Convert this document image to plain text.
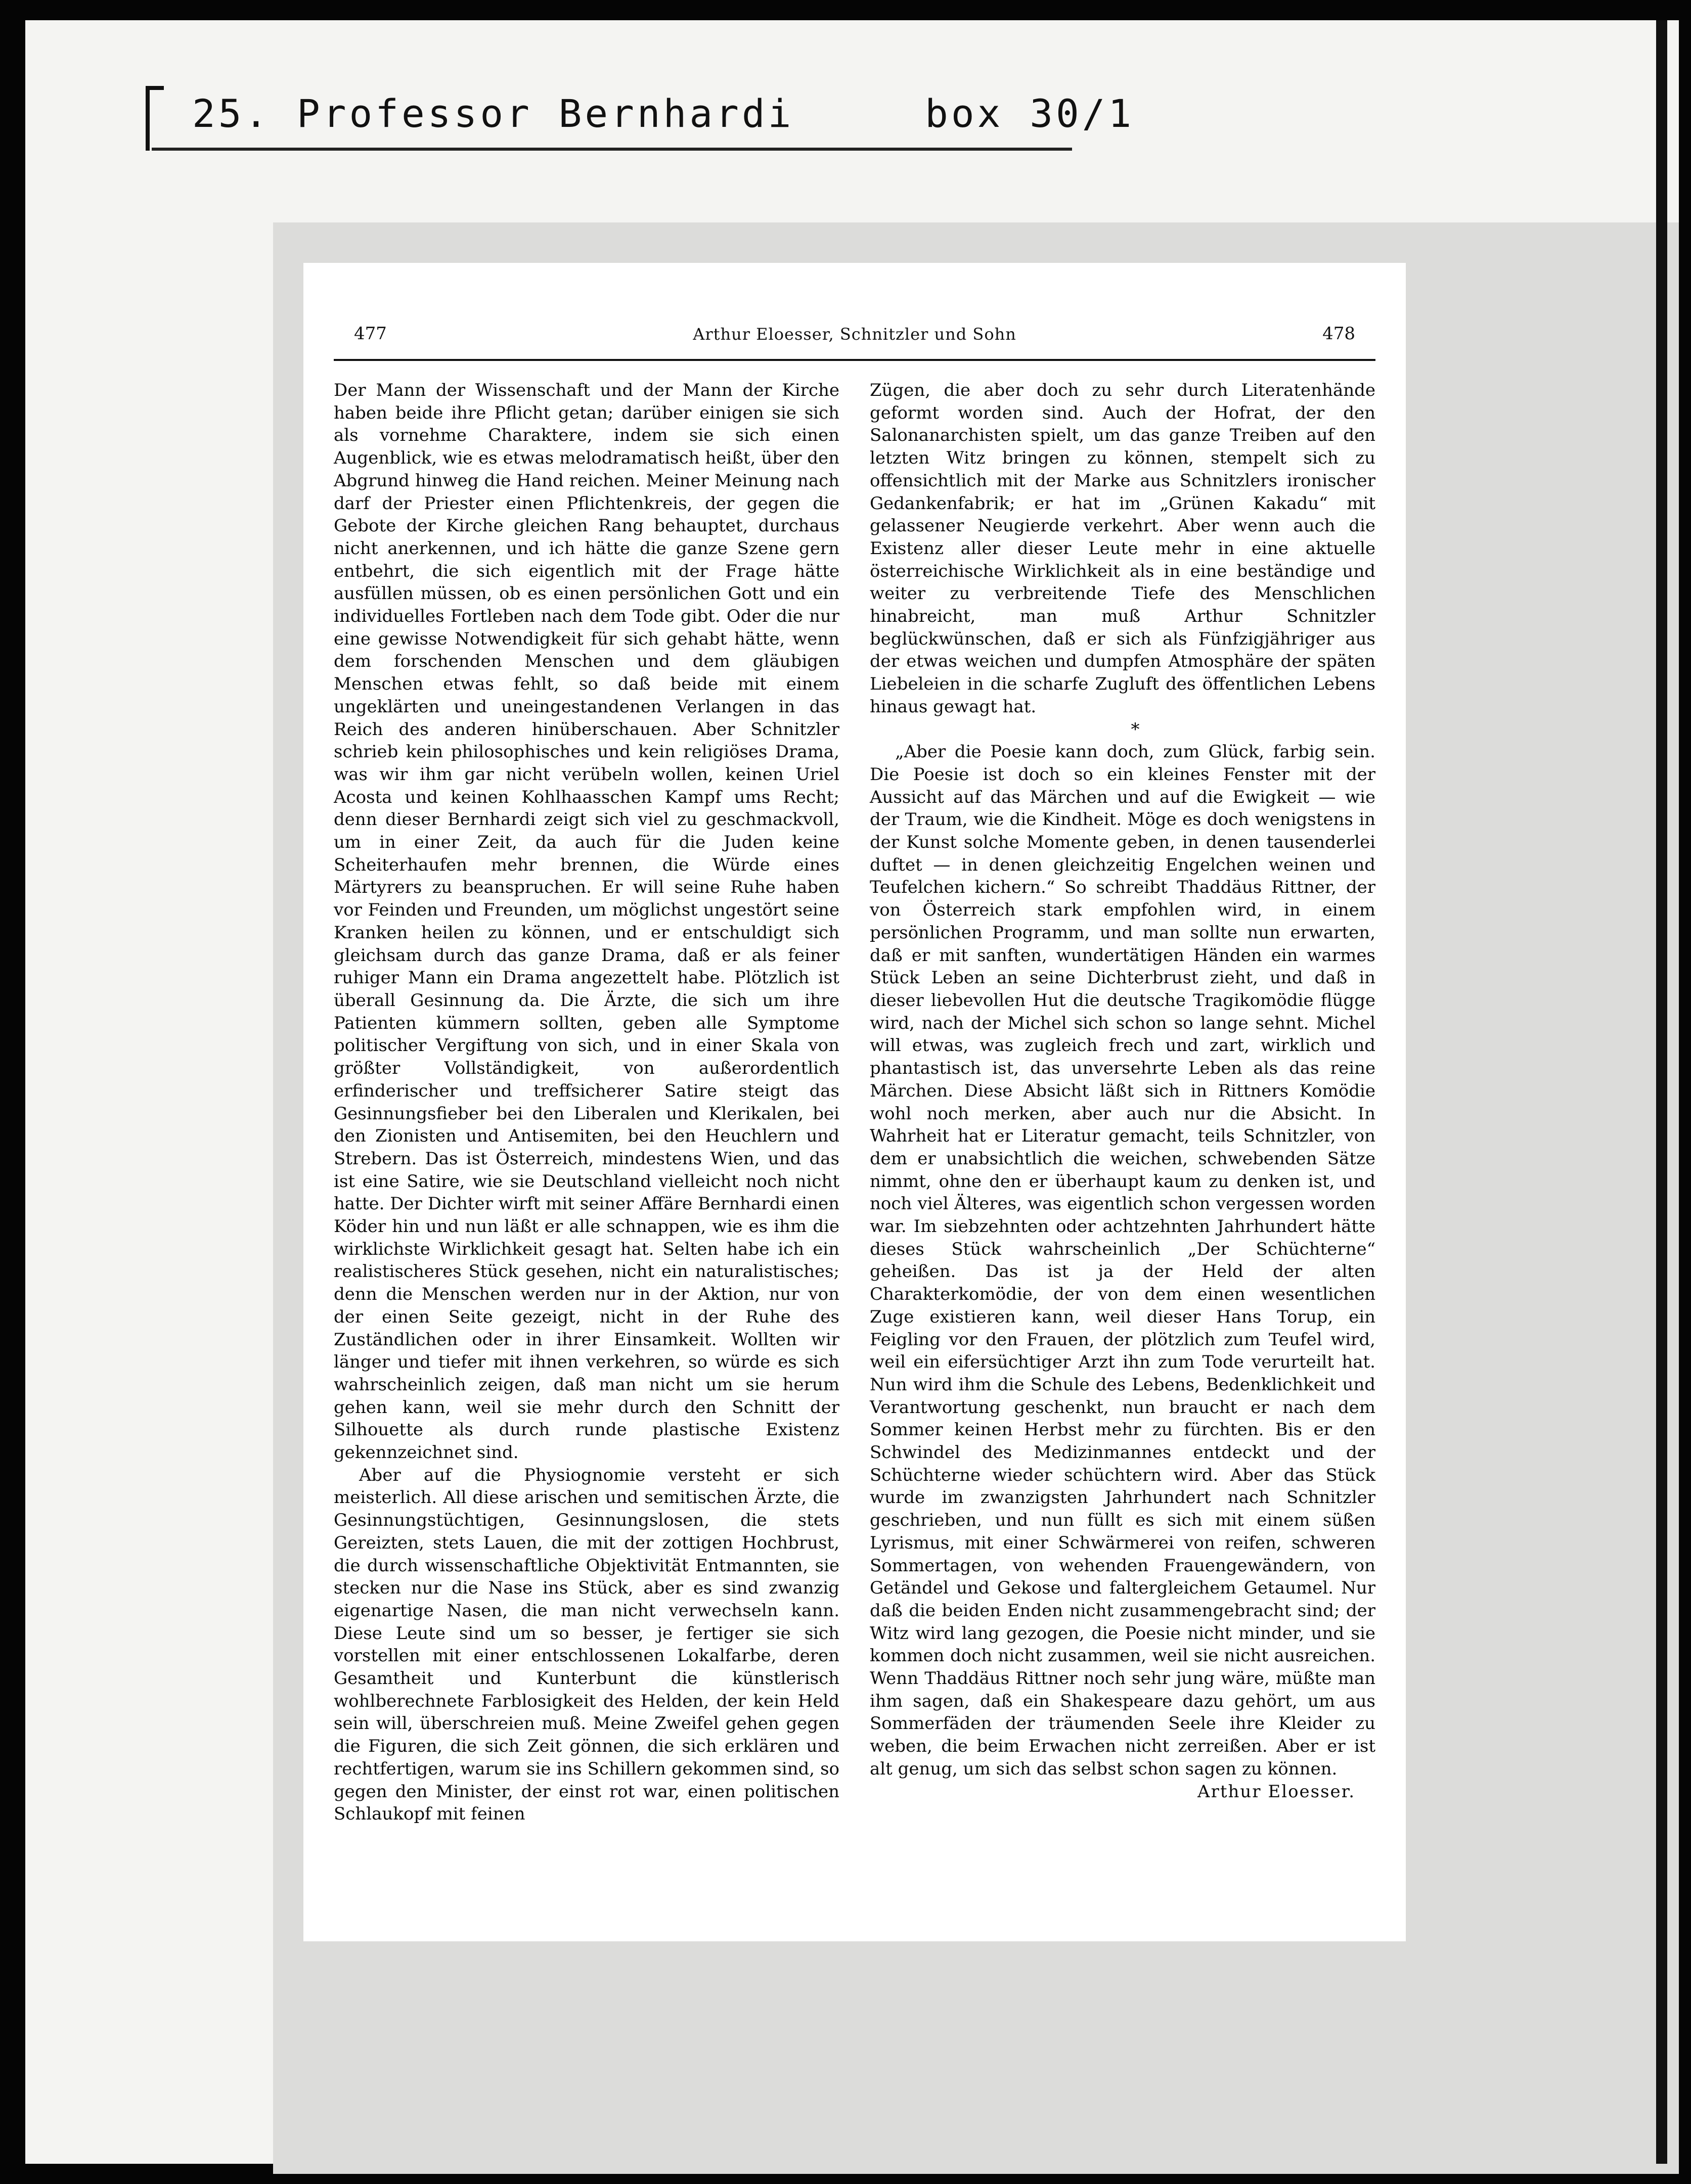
25. Professor Bernhardi     box 30/1
477	Arthur Eloesser, Schnitzler und Sohn	478

Der Mann der Wissenschaft und der Mann der Kirche haben beide ihre Pflicht getan; darüber einigen sie sich als vornehme Charaktere, indem sie sich einen Augenblick, wie es etwas melodramatisch heißt, über den Abgrund hinweg die Hand reichen. Meiner Meinung nach darf der Priester einen Pflichtenkreis, der gegen die Gebote der Kirche gleichen Rang behauptet, durchaus nicht anerkennen, und ich hätte die ganze Szene gern entbehrt, die sich eigentlich mit der Frage hätte ausfüllen müssen, ob es einen persönlichen Gott und ein individuelles Fortleben nach dem Tode gibt. Oder die nur eine gewisse Notwendigkeit für sich gehabt hätte, wenn dem forschenden Menschen und dem gläubigen Menschen etwas fehlt, so daß beide mit einem ungeklärten und uneingestandenen Verlangen in das Reich des anderen hinüberschauen. Aber Schnitzler schrieb kein philosophisches und kein religiöses Drama, was wir ihm gar nicht verübeln wollen, keinen Uriel Acosta und keinen Kohlhaasschen Kampf ums Recht; denn dieser Bernhardi zeigt sich viel zu geschmackvoll, um in einer Zeit, da auch für die Juden keine Scheiterhaufen mehr brennen, die Würde eines Märtyrers zu beanspruchen. Er will seine Ruhe haben vor Feinden und Freunden, um möglichst ungestört seine Kranken heilen zu können, und er entschuldigt sich gleichsam durch das ganze Drama, daß er als feiner ruhiger Mann ein Drama angezettelt habe. Plötzlich ist überall Gesinnung da. Die Ärzte, die sich um ihre Patienten kümmern sollten, geben alle Symptome politischer Vergiftung von sich, und in einer Skala von größter Vollständigkeit, von außerordentlich erfinderischer und treffsicherer Satire steigt das Gesinnungsfieber bei den Liberalen und Klerikalen, bei den Zionisten und Antisemiten, bei den Heuchlern und Strebern. Das ist Österreich, mindestens Wien, und das ist eine Satire, wie sie Deutschland vielleicht noch nicht hatte. Der Dichter wirft mit seiner Affäre Bernhardi einen Köder hin und nun läßt er alle schnappen, wie es ihm die wirklichste Wirklichkeit gesagt hat. Selten habe ich ein realistischeres Stück gesehen, nicht ein naturalistisches; denn die Menschen werden nur in der Aktion, nur von der einen Seite gezeigt, nicht in der Ruhe des Zuständlichen oder in ihrer Einsamkeit. Wollten wir länger und tiefer mit ihnen verkehren, so würde es sich wahrscheinlich zeigen, daß man nicht um sie herum gehen kann, weil sie mehr durch den Schnitt der Silhouette als durch runde plastische Existenz gekennzeichnet sind.

Aber auf die Physiognomie versteht er sich meisterlich. All diese arischen und semitischen Ärzte, die Gesinnungstüchtigen, Gesinnungslosen, die stets Gereizten, stets Lauen, die mit der zottigen Hochbrust, die durch wissenschaftliche Objektivität Entmannten, sie stecken nur die Nase ins Stück, aber es sind zwanzig eigenartige Nasen, die man nicht verwechseln kann. Diese Leute sind um so besser, je fertiger sie sich vorstellen mit einer entschlossenen Lokalfarbe, deren Gesamtheit und Kunterbunt die künstlerisch wohlberechnete Farblosigkeit des Helden, der kein Held sein will, überschreien muß. Meine Zweifel gehen gegen die Figuren, die sich Zeit gönnen, die sich erklären und rechtfertigen, warum sie ins Schillern gekommen sind, so gegen den Minister, der einst rot war, einen politischen Schlaukopf mit feinen

Zügen, die aber doch zu sehr durch Literatenhände geformt worden sind. Auch der Hofrat, der den Salonanarchisten spielt, um das ganze Treiben auf den letzten Witz bringen zu können, stempelt sich zu offensichtlich mit der Marke aus Schnitzlers ironischer Gedankenfabrik; er hat im „Grünen Kakadu“ mit gelassener Neugierde verkehrt. Aber wenn auch die Existenz aller dieser Leute mehr in eine aktuelle österreichische Wirklichkeit als in eine beständige und weiter zu verbreitende Tiefe des Menschlichen hinabreicht, man muß Arthur Schnitzler beglückwünschen, daß er sich als Fünfzigjähriger aus der etwas weichen und dumpfen Atmosphäre der späten Liebeleien in die scharfe Zugluft des öffentlichen Lebens hinaus gewagt hat.

*

„Aber die Poesie kann doch, zum Glück, farbig sein. Die Poesie ist doch so ein kleines Fenster mit der Aussicht auf das Märchen und auf die Ewigkeit — wie der Traum, wie die Kindheit. Möge es doch wenigstens in der Kunst solche Momente geben, in denen tausenderlei duftet — in denen gleichzeitig Engelchen weinen und Teufelchen kichern.“ So schreibt Thaddäus Rittner, der von Österreich stark empfohlen wird, in einem persönlichen Programm, und man sollte nun erwarten, daß er mit sanften, wundertätigen Händen ein warmes Stück Leben an seine Dichterbrust zieht, und daß in dieser liebevollen Hut die deutsche Tragikomödie flügge wird, nach der Michel sich schon so lange sehnt. Michel will etwas, was zugleich frech und zart, wirklich und phantastisch ist, das unversehrte Leben als das reine Märchen. Diese Absicht läßt sich in Rittners Komödie wohl noch merken, aber auch nur die Absicht. In Wahrheit hat er Literatur gemacht, teils Schnitzler, von dem er unabsichtlich die weichen, schwebenden Sätze nimmt, ohne den er überhaupt kaum zu denken ist, und noch viel Älteres, was eigentlich schon vergessen worden war. Im siebzehnten oder achtzehnten Jahrhundert hätte dieses Stück wahrscheinlich „Der Schüchterne“ geheißen. Das ist ja der Held der alten Charakterkomödie, der von dem einen wesentlichen Zuge existieren kann, weil dieser Hans Torup, ein Feigling vor den Frauen, der plötzlich zum Teufel wird, weil ein eifersüchtiger Arzt ihn zum Tode verurteilt hat. Nun wird ihm die Schule des Lebens, Bedenklichkeit und Verantwortung geschenkt, nun braucht er nach dem Sommer keinen Herbst mehr zu fürchten. Bis er den Schwindel des Medizinmannes entdeckt und der Schüchterne wieder schüchtern wird. Aber das Stück wurde im zwanzigsten Jahrhundert nach Schnitzler geschrieben, und nun füllt es sich mit einem süßen Lyrismus, mit einer Schwärmerei von reifen, schweren Sommertagen, von wehenden Frauengewändern, von Getändel und Gekose und faltergleichem Getaumel. Nur daß die beiden Enden nicht zusammengebracht sind; der Witz wird lang gezogen, die Poesie nicht minder, und sie kommen doch nicht zusammen, weil sie nicht ausreichen. Wenn Thaddäus Rittner noch sehr jung wäre, müßte man ihm sagen, daß ein Shakespeare dazu gehört, um aus Sommerfäden der träumenden Seele ihre Kleider zu weben, die beim Erwachen nicht zerreißen. Aber er ist alt genug, um sich das selbst schon sagen zu können.

Arthur Eloesser.
